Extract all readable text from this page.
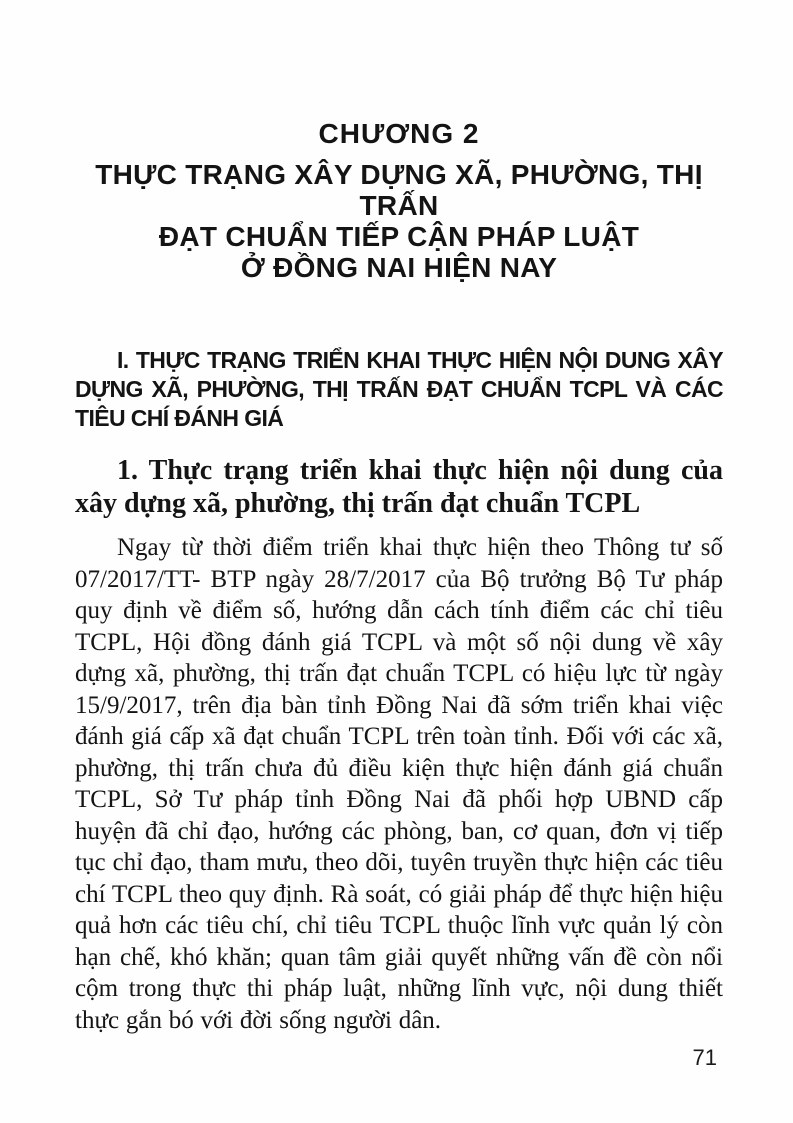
CHƯƠNG 2
THỰC TRẠNG XÂY DỰNG XÃ, PHƯỜNG, THỊ TRẤN
ĐẠT CHUẨN TIẾP CẬN PHÁP LUẬT
Ở ĐỒNG NAI HIỆN NAY
I. THỰC TRẠNG TRIỂN KHAI THỰC HIỆN NỘI DUNG XÂY DỰNG XÃ, PHƯỜNG, THỊ TRẤN ĐẠT CHUẨN TCPL VÀ CÁC TIÊU CHÍ ĐÁNH GIÁ
1. Thực trạng triển khai thực hiện nội dung của xây dựng xã, phường, thị trấn đạt chuẩn TCPL
Ngay từ thời điểm triển khai thực hiện theo Thông tư số 07/2017/TT- BTP ngày 28/7/2017 của Bộ trưởng Bộ Tư pháp quy định về điểm số, hướng dẫn cách tính điểm các chỉ tiêu TCPL, Hội đồng đánh giá TCPL và một số nội dung về xây dựng xã, phường, thị trấn đạt chuẩn TCPL có hiệu lực từ ngày 15/9/2017, trên địa bàn tỉnh Đồng Nai đã sớm triển khai việc đánh giá cấp xã đạt chuẩn TCPL trên toàn tỉnh. Đối với các xã, phường, thị trấn chưa đủ điều kiện thực hiện đánh giá chuẩn TCPL, Sở Tư pháp tỉnh Đồng Nai đã phối hợp UBND cấp huyện đã chỉ đạo, hướng các phòng, ban, cơ quan, đơn vị tiếp tục chỉ đạo, tham mưu, theo dõi, tuyên truyền thực hiện các tiêu chí TCPL theo quy định. Rà soát, có giải pháp để thực hiện hiệu quả hơn các tiêu chí, chỉ tiêu TCPL thuộc lĩnh vực quản lý còn hạn chế, khó khăn; quan tâm giải quyết những vấn đề còn nổi cộm trong thực thi pháp luật, những lĩnh vực, nội dung thiết thực gắn bó với đời sống người dân.
71
